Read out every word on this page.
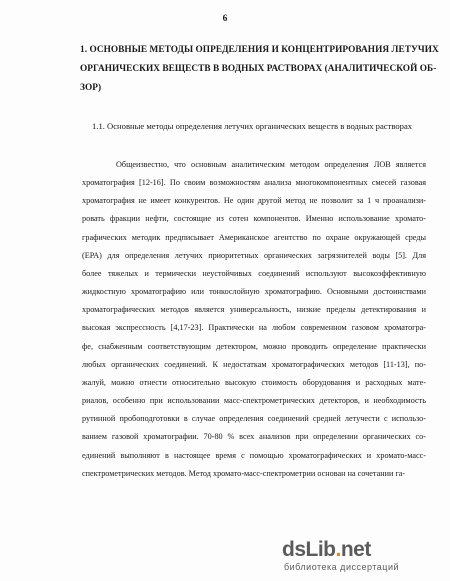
6
1. ОСНОВНЫЕ МЕТОДЫ ОПРЕДЕЛЕНИЯ И КОНЦЕНТРИРОВАНИЯ ЛЕТУЧИХ
ОРГАНИЧЕСКИХ ВЕЩЕСТВ В ВОДНЫХ РАСТВОРАХ (АНАЛИТИЧЕСКОЙ ОБ-
ЗОР)
1.1. Основные методы определения летучих органических веществ в водных растворах
Общеизвестно, что основным аналитическим методом определения ЛОВ является
хроматография [12-16]. По своим возможностям анализа многокомпонентных смесей газовая
хроматография не имеет конкурентов. Не один другой метод не позволит за 1 ч проанализи-
ровать фракции нефти, состоящие из сотен компонентов. Именно использование хромато-
графических методик предписывает Американское агентство по охране окружающей среды
(ЕРА) для определения летучих приоритетных органических загрязнителей воды [5]. Для
более тяжелых и термически неустойчивых соединений используют высокоэффективную
жидкостную хроматографию или тонкослойную хроматографию. Основными достоинствами
хроматографических методов является универсальность, низкие пределы детектирования и
высокая экспрессность [4,17-23]. Практически на любом современном газовом хроматогра-
фе, снабженным соответствующим детектором, можно проводить определение практически
любых органических соединений. К недостаткам хроматографических методов [11-13], по-
жалуй, можно отнести относительно высокую стоимость оборудования и расходных мате-
риалов, особенно при использовании масс-спектрометрических детекторов, и необходимость
рутинной пробоподготовки в случае определения соединений средней летучести с использо-
ванием газовой хроматографии. 70-80 % всех анализов при определении органических со-
единений выполняют в настоящее время с помощью хроматографических и хромато-масс-
спектрометрических методов. Метод хромато-масс-спектрометрии основан на сочетании га-
dsLib.net
библиотека диссертаций
